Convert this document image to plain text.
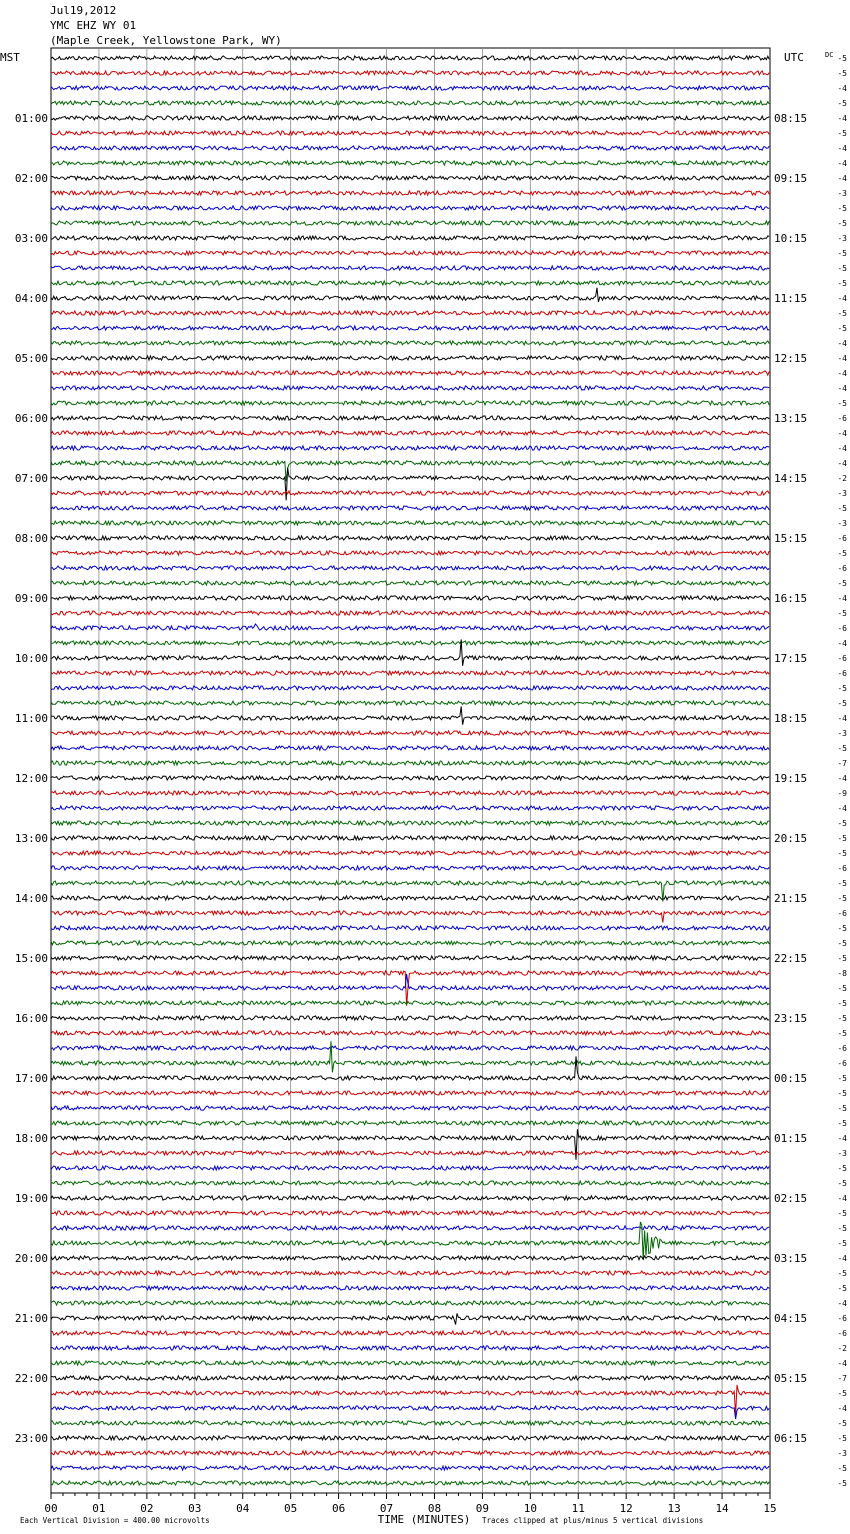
Jul19,2012
YMC EHZ WY 01
(Maple Creek, Yellowstone Park, WY)
-5
-5
-4
-5
-4
-5
-4
-4
-4
-3
-5
-5
-3
-5
-5
-5
-4
-5
-5
-4
-4
-4
-4
-5
-6
-4
-4
-4
-2
-3
-5
-3
-6
-5
-6
-5
-4
-5
-6
-4
-6
-6
-5
-5
-4
-3
-5
-7
-4
-9
-4
-5
-5
-5
-6
-5
-5
-6
-5
-5
-5
-8
-5
-5
-5
-5
-6
-6
-5
-5
-5
-5
-4
-3
-5
-5
-4
-5
-5
-5
-4
-5
-5
-4
-6
-6
-2
-4
-7
-5
-4
-5
-5
-3
-5
-5
MST	UTC	DC
01:00	08:15
02:00	09:15
03:00	10:15
04:00	11:15
05:00	12:15
06:00	13:15
07:00	14:15
08:00	15:15
09:00	16:15
10:00	17:15
11:00	18:15
12:00	19:15
13:00	20:15
14:00	21:15
15:00	22:15
16:00	23:15
17:00	00:15
18:00	01:15
19:00	02:15
20:00	03:15
21:00	04:15
22:00	05:15
23:00	06:15
00	01	02	03	04	05	06	07	08	09	10	11	12	13	14	15
TIME (MINUTES)
Each Vertical Division = 400.00 microvolts	Traces clipped at plus/minus 5 vertical divisions
